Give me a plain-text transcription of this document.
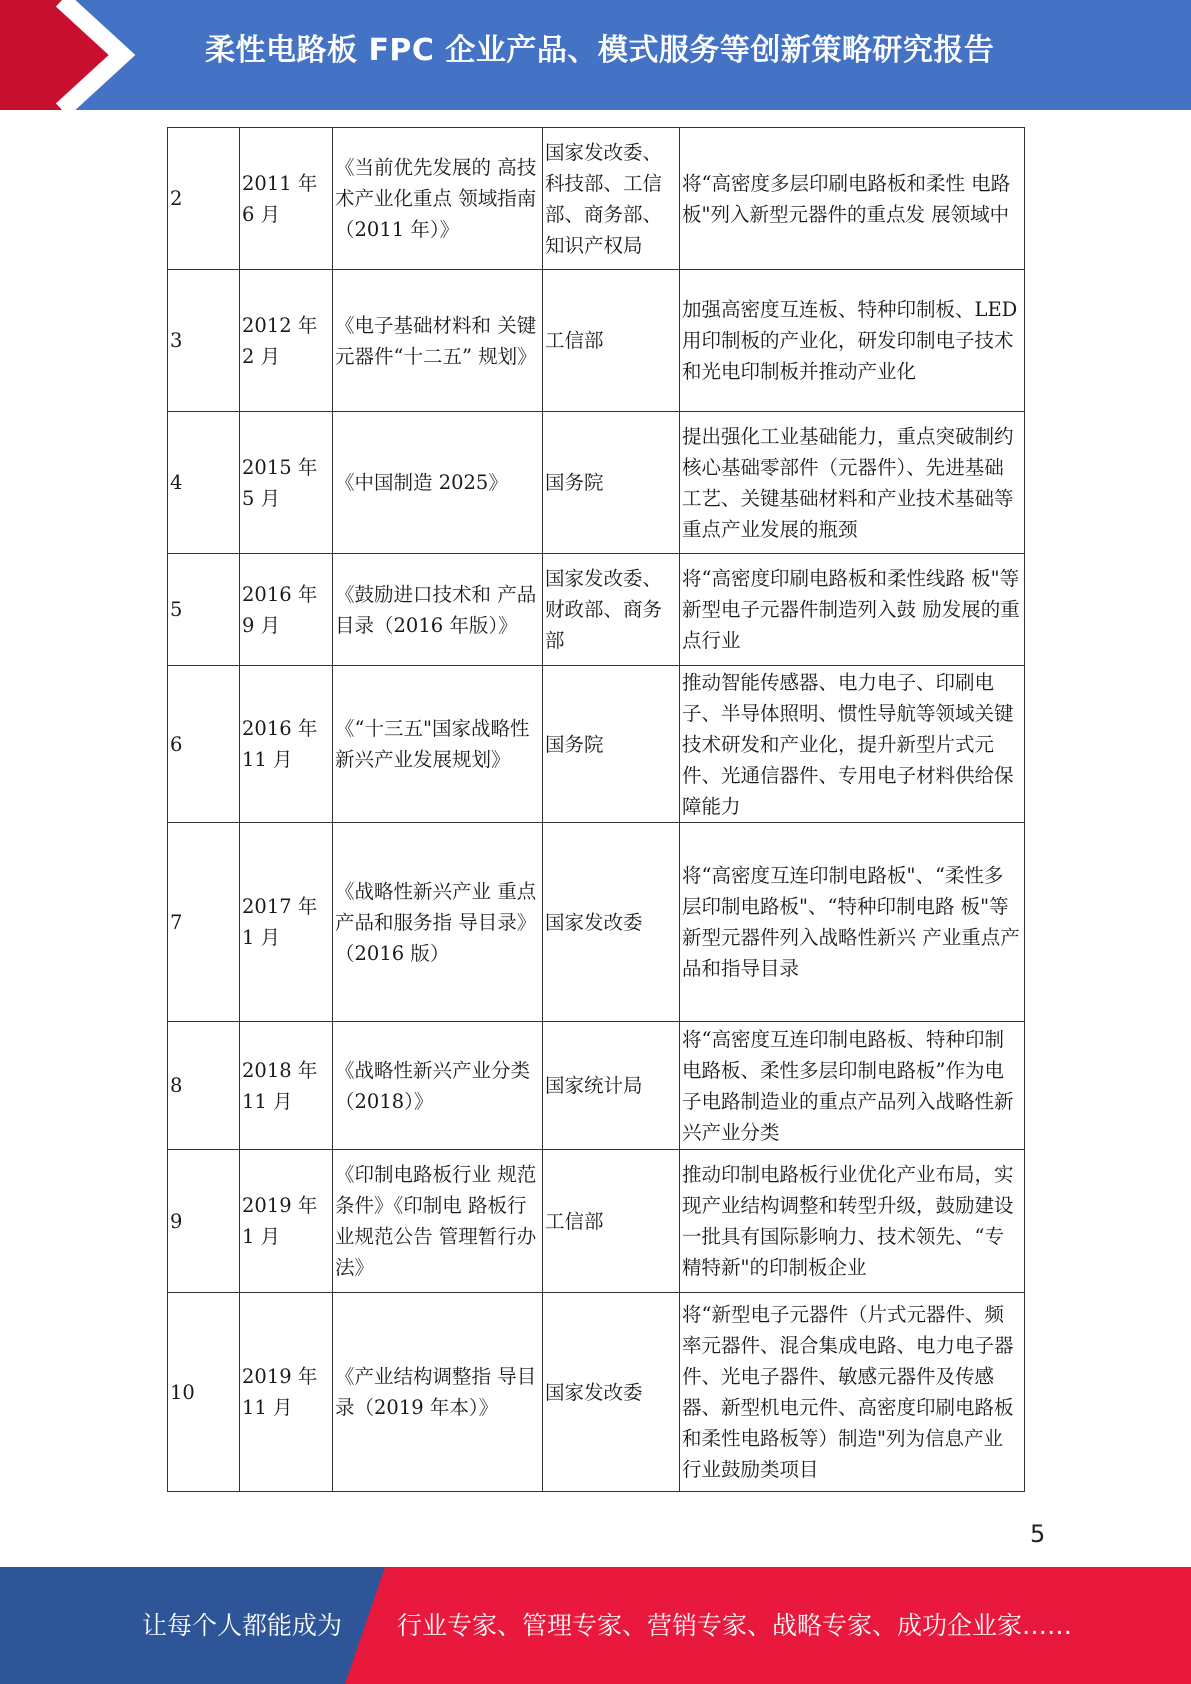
柔性电路板 FPC 企业产品、模式服务等创新策略研究报告
2	2011 年 6 月	《当前优先发展的 高技术产业化重点 领域指南（2011 年）》	国家发改委、科技部、工信部、商务部、知识产权局	将“高密度多层印刷电路板和柔性 电路板"列入新型元器件的重点发 展领域中
3	2012 年 2 月	《电子基础材料和 关键元器件“十二五” 规划》	工信部	加强高密度互连板、特种印制板、LED 用印制板的产业化，研发印制电子技术和光电印制板并推动产业化
4	2015 年 5 月	《中国制造 2025》	国务院	提出强化工业基础能力，重点突破制约核心基础零部件（元器件）、先进基础工艺、关键基础材料和产业技术基础等重点产业发展的瓶颈
5	2016 年 9 月	《鼓励进口技术和 产品目录（2016 年版）》	国家发改委、财政部、商务部	将“高密度印刷电路板和柔性线路 板"等新型电子元器件制造列入鼓 励发展的重点行业
6	2016 年 11 月	《“十三五"国家战略性新兴产业发展规划》	国务院	推动智能传感器、电力电子、印刷电子、半导体照明、惯性导航等领域关键技术研发和产业化，提升新型片式元件、光通信器件、专用电子材料供给保障能力
7	2017 年 1 月	《战略性新兴产业 重点产品和服务指 导目录》（2016 版）	国家发改委	将“高密度互连印制电路板"、“柔性多层印制电路板"、“特种印制电路 板"等新型元器件列入战略性新兴 产业重点产品和指导目录
8	2018 年 11 月	《战略性新兴产业分类（2018）》	国家统计局	将“高密度互连印制电路板、特种印制电路板、柔性多层印制电路板”作为电子电路制造业的重点产品列入战略性新兴产业分类
9	2019 年 1 月	《印制电路板行业 规范条件》《印制电 路板行业规范公告 管理暂行办法》	工信部	推动印制电路板行业优化产业布局，实现产业结构调整和转型升级，鼓励建设一批具有国际影响力、技术领先、“专精特新"的印制板企业
10	2019 年 11 月	《产业结构调整指 导目录（2019 年本）》	国家发改委	将“新型电子元器件（片式元器件、频率元器件、混合集成电路、电力电子器件、光电子器件、敏感元器件及传感器、新型机电元件、高密度印刷电路板和柔性电路板等）制造"列为信息产业行业鼓励类项目
5
让每个人都能成为 行业专家、管理专家、营销专家、战略专家、成功企业家……
